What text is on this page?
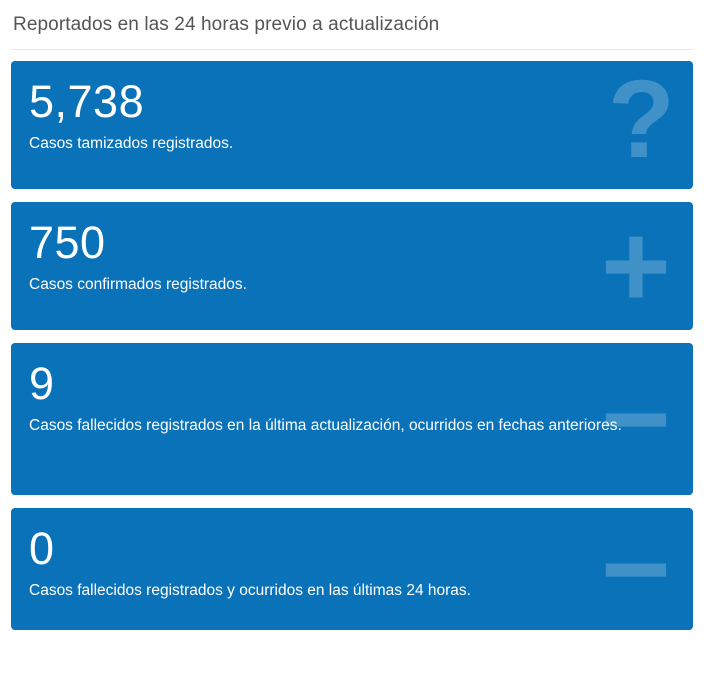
Reportados en las 24 horas previo a actualización
5,738
Casos tamizados registrados.	?
750
Casos confirmados registrados.	+
9
Casos fallecidos registrados en la última actualización, ocurridos en fechas anteriores.
−
0
Casos fallecidos registrados y ocurridos en las últimas 24 horas.	−
